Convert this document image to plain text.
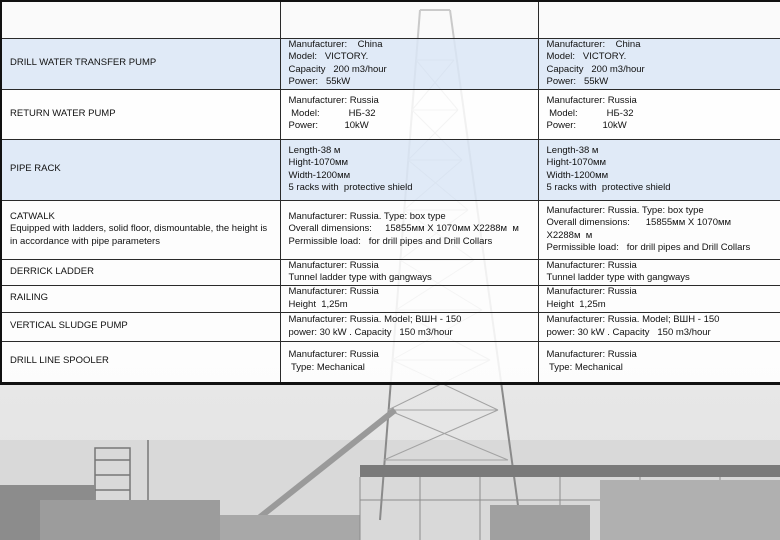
DRILL WATER TRANSFER PUMP	Manufacturer:    China
Model:   VICTORY.
Capacity   200 m3/hour
Power:   55kW	Manufacturer:    China
Model:   VICTORY.
Capacity   200 m3/hour
Power:   55kW

RETURN WATER PUMP	Manufacturer: Russia
Model:           НБ-32
Power:          10kW	Manufacturer: Russia
Model:           НБ-32
Power:          10kW

PIPE RACK	Length-38 м
Hight-1070мм
Width-1200мм
5 racks with  protective shield	Length-38 м
Hight-1070мм
Width-1200мм
5 racks with  protective shield

CATWALK
Equipped with ladders, solid floor, dismountable, the height is in accordance with pipe parameters	Manufacturer: Russia. Type: box type
Overall dimensions:     15855мм X 1070мм X2288м  м
Permissible load:   for drill pipes and Drill Collars	Manufacturer: Russia. Type: box type
Overall dimensions:      15855мм X 1070мм
X2288м  м
Permissible load:   for drill pipes and Drill Collars

DERRICK LADDER	Manufacturer: Russia
Tunnel ladder type with gangways	Manufacturer: Russia
Tunnel ladder type with gangways

RAILING	Manufacturer: Russia
Height  1,25m	Manufacturer: Russia
Height  1,25m

VERTICAL SLUDGE PUMP	Manufacturer: Russia. Model; ВШН - 150
power: 30 kW . Capacity   150 m3/hour	Manufacturer: Russia. Model; ВШН - 150
power: 30 kW . Capacity   150 m3/hour

DRILL LINE SPOOLER	Manufacturer: Russia
Type: Mechanical	Manufacturer: Russia
Type: Mechanical
